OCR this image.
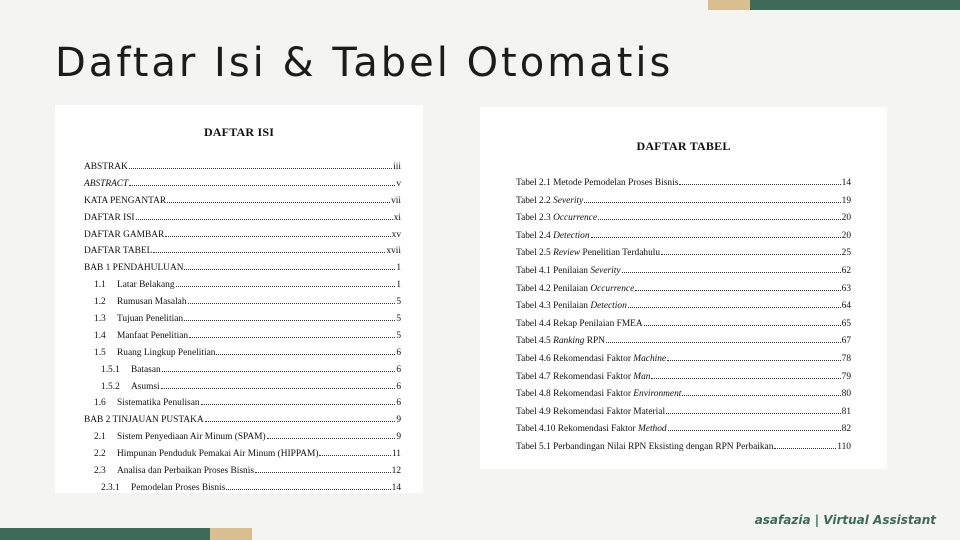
Daftar Isi & Tabel Otomatis
DAFTAR ISI
ABSTRAK	iii
ABSTRACT	v
KATA PENGANTAR	vii
DAFTAR ISI	xi
DAFTAR GAMBAR	xv
DAFTAR TABEL	xvii
BAB 1 PENDAHULUAN	1
1.1	Latar Belakang	1
1.2	Rumusan Masalah	5
1.3	Tujuan Penelitian	5
1.4	Manfaat Penelitian	5
1.5	Ruang Lingkup Penelitian	6
1.5.1	Batasan	6
1.5.2	Asumsi	6
1.6	Sistematika Penulisan	6
BAB 2 TINJAUAN PUSTAKA	9
2.1	Sistem Penyediaan Air Minum (SPAM)	9
2.2	Himpunan Penduduk Pemakai Air Minum (HIPPAM)	11
2.3	Analisa dan Perbaikan Proses Bisnis	12
2.3.1	Pemodelan Proses Bisnis	14
DAFTAR TABEL
Tabel 2.1 Metode Pemodelan Proses Bisnis	14
Tabel 2.2 Severity	19
Tabel 2.3 Occurrence	20
Tabel 2.4 Detection	20
Tabel 2.5 Review Penelitian Terdahulu	25
Tabel 4.1 Penilaian Severity	62
Tabel 4.2 Penilaian Occurrence	63
Tabel 4.3 Penilaian Detection	64
Tabel 4.4 Rekap Penilaian FMEA	65
Tabel 4.5 Ranking RPN	67
Tabel 4.6 Rekomendasi Faktor Machine	78
Tabel 4.7 Rekomendasi Faktor Man	79
Tabel 4.8 Rekomendasi Faktor Environment	80
Tabel 4.9 Rekomendasi Faktor Material	81
Tabel 4.10 Rekomendasi Faktor Method	82
Tabel 5.1 Perbandingan Nilai RPN Eksisting dengan RPN Perbaikan	110
asafazia | Virtual Assistant
